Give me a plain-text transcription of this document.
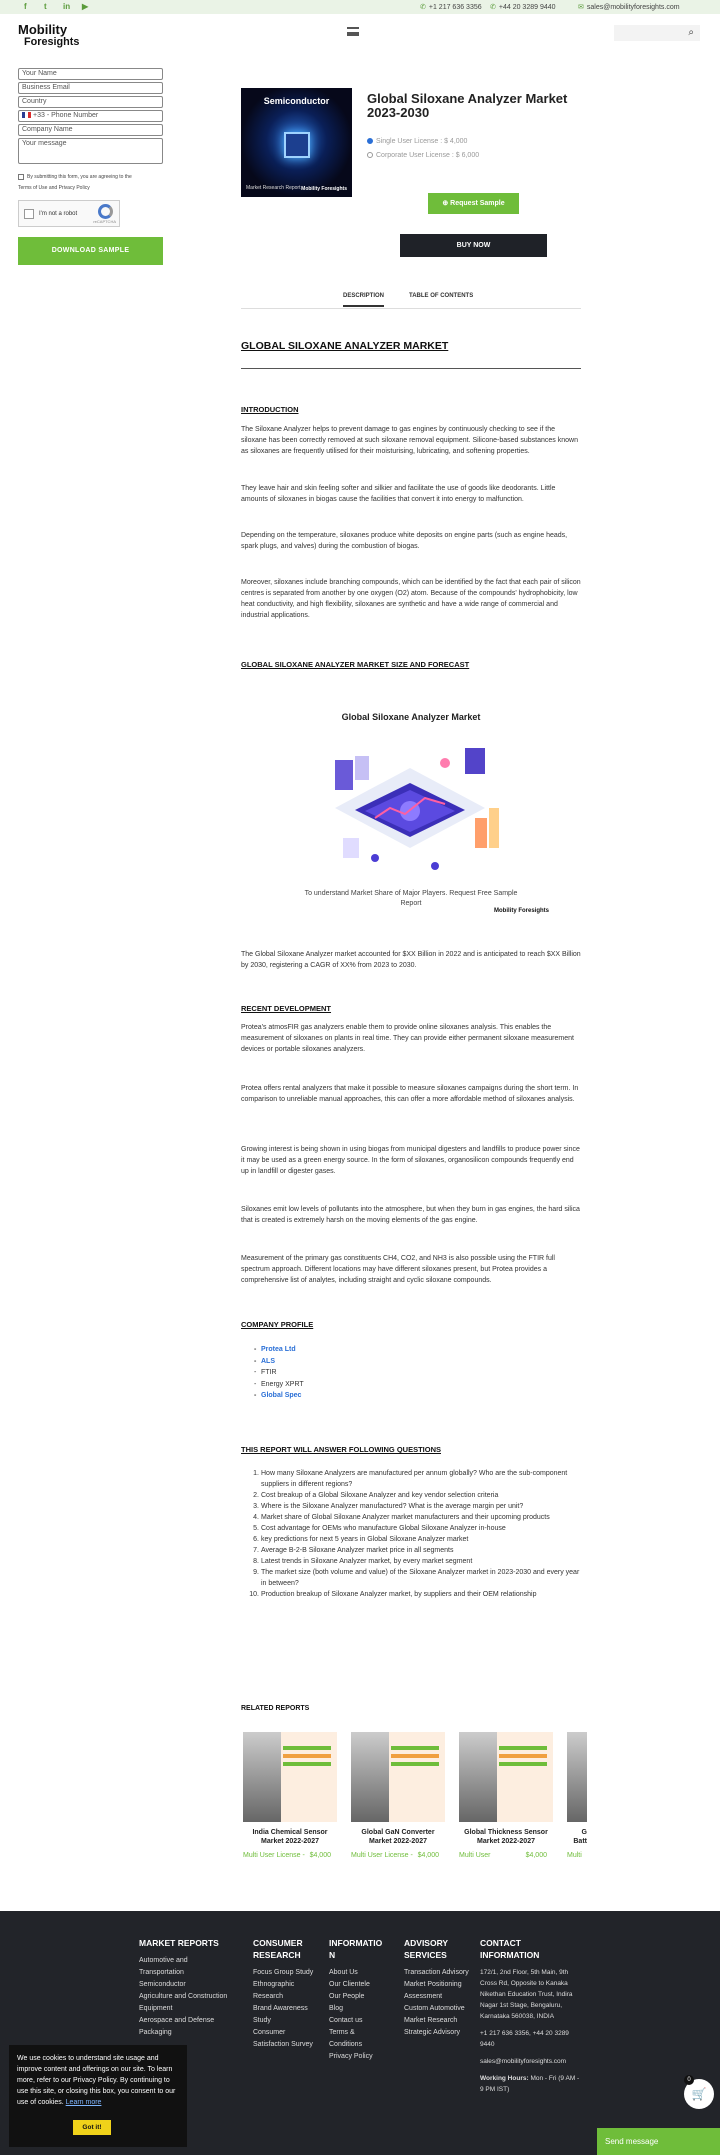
f t in ▶	✆ +1 217 636 3356 ✆ +44 20 3289 9440	✉ sales@mobilityforesights.com
Mobility
Foresights
⌕
Your Name
Business Email
Country
+33 - Phone Number
Company Name
Your message
By submitting this form, you are agreeing to the
Terms of Use and Privacy Policy
I'm not a robot
reCAPTCHA
DOWNLOAD SAMPLE
Semiconductor
Market Research Report Mobility Foresights
Global Siloxane Analyzer Market 2023-2030
Single User License : $ 4,000
Corporate User License : $ 6,000
⊕ Request Sample
BUY NOW
DESCRIPTION	TABLE OF CONTENTS
GLOBAL SILOXANE ANALYZER MARKET
INTRODUCTION
The Siloxane Analyzer helps to prevent damage to gas engines by continuously checking to see if the siloxane has been correctly removed at such siloxane removal equipment. Silicone-based substances known as siloxanes are frequently utilised for their moisturising, lubricating, and softening properties.
They leave hair and skin feeling softer and silkier and facilitate the use of goods like deodorants. Little amounts of siloxanes in biogas cause the facilities that convert it into energy to malfunction.
Depending on the temperature, siloxanes produce white deposits on engine parts (such as engine heads, spark plugs, and valves) during the combustion of biogas.
Moreover, siloxanes include branching compounds, which can be identified by the fact that each pair of silicon centres is separated from another by one oxygen (O2) atom. Because of the compounds' hydrophobicity, low heat conductivity, and high flexibility, siloxanes are synthetic and have a wide range of commercial and industrial applications.
GLOBAL SILOXANE ANALYZER MARKET SIZE AND FORECAST
Global Siloxane Analyzer Market
To understand Market Share of Major Players. Request Free Sample Report
Mobility Foresights
The Global Siloxane Analyzer market accounted for $XX Billion in 2022 and is anticipated to reach $XX Billion by 2030, registering a CAGR of XX% from 2023 to 2030.
RECENT DEVELOPMENT
Protea's atmosFIR gas analyzers enable them to provide online siloxanes analysis. This enables the measurement of siloxanes on plants in real time. They can provide either permanent siloxane measurement devices or portable siloxanes analyzers.
Protea offers rental analyzers that make it possible to measure siloxanes campaigns during the short term. In comparison to unreliable manual approaches, this can offer a more affordable method of siloxanes analysis.
Growing interest is being shown in using biogas from municipal digesters and landfills to produce power since it may be used as a green energy source. In the form of siloxanes, organosilicon compounds frequently end up in landfill or digester gases.
Siloxanes emit low levels of pollutants into the atmosphere, but when they burn in gas engines, the hard silica that is created is extremely harsh on the moving elements of the gas engine.
Measurement of the primary gas constituents CH4, CO2, and NH3 is also possible using the FTIR full spectrum approach. Different locations may have different siloxanes present, but Protea provides a comprehensive list of analytes, including straight and cyclic siloxane compounds.
COMPANY PROFILE
- Protea Ltd
- ALS
- FTIR
- Energy XPRT
- Global Spec
THIS REPORT WILL ANSWER FOLLOWING QUESTIONS
1. How many Siloxane Analyzers are manufactured per annum globally? Who are the sub-component suppliers in different regions?
2. Cost breakup of a Global Siloxane Analyzer and key vendor selection criteria
3. Where is the Siloxane Analyzer manufactured? What is the average margin per unit?
4. Market share of Global Siloxane Analyzer market manufacturers and their upcoming products
5. Cost advantage for OEMs who manufacture Global Siloxane Analyzer in-house
6. key predictions for next 5 years in Global Siloxane Analyzer market
7. Average B-2-B Siloxane Analyzer market price in all segments
8. Latest trends in Siloxane Analyzer market, by every market segment
9. The market size (both volume and value) of the Siloxane Analyzer market in 2023-2030 and every year in between?
10. Production breakup of Siloxane Analyzer market, by suppliers and their OEM relationship
RELATED REPORTS
India Chemical Sensor Market 2022-2027
Multi User License - $4,000
Global GaN Converter Market 2022-2027
Multi User License - $4,000
Global Thickness Sensor Market 2022-2027
Multi User	$4,000
G Batt
Multi
MARKET REPORTS
Automotive and Transportation
Semiconductor
Agriculture and Construction Equipment
Aerospace and Defense
Packaging
CONSUMER RESEARCH
Focus Group Study
Ethnographic Research
Brand Awareness Study
Consumer Satisfaction Survey
INFORMATIO N
About Us
Our Clientele
Our People
Blog
Contact us
Terms & Conditions
Privacy Policy
ADVISORY SERVICES
Transaction Advisory
Market Positioning Assessment
Custom Automotive Market Research
Strategic Advisory
CONTACT INFORMATION
172/1, 2nd Floor, 5th Main, 9th Cross Rd, Opposite to Kanaka Nikethan Education Trust, Indira Nagar 1st Stage, Bengaluru, Karnataka 560038, INDIA
+1 217 636 3356, +44 20 3289 9440
sales@mobilityforesights.com
Working Hours: Mon - Fri (9 AM - 9 PM IST)
We use cookies to understand site usage and improve content and offerings on our site. To learn more, refer to our Privacy Policy. By continuing to use this site, or closing this box, you consent to our use of cookies. Learn more
Got it!
🛒
0
Send message
